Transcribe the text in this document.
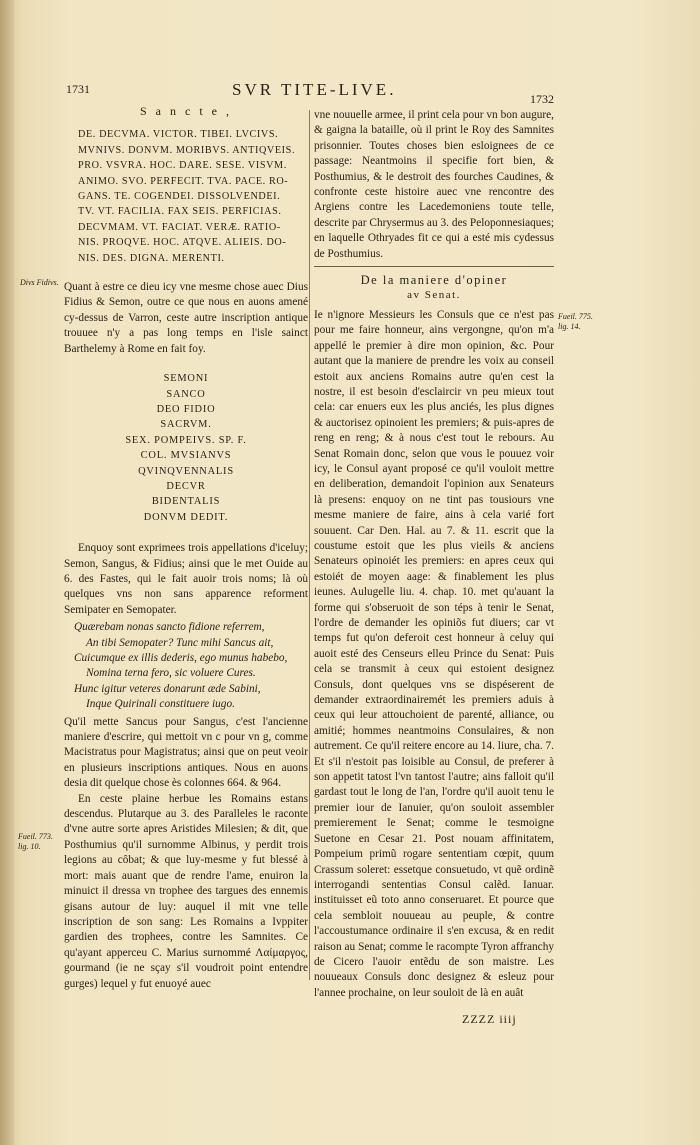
1731	SVR TITE-LIVE.	1732

S a n c t e ,

DE. DECVMA. VICTOR. TIBEI. LVCIVS.
MVNIVS. DONVM. MORIBVS. ANTIQVEIS.
PRO. VSVRA. HOC. DARE. SESE. VISVM.
ANIMO. SVO. PERFECIT. TVA. PACE. RO-
GANS. TE. COGENDEI. DISSOLVENDEI.
TV. VT. FACILIA. FAX SEIS. PERFICIAS.
DECVMAM. VT. FACIAT. VERÆ. RATIO-
NIS. PROQVE. HOC. ATQVE. ALIEIS. DO-
NIS. DES. DIGNA. MERENTI.

Quant à estre ce dieu icy vne mesme chose auec Dius Fidius & Semon, outre ce que nous en auons amené cy-dessus de Varron, ceste autre inscription antique trouuee n'y a pas long temps en l'isle sainct Barthelemy à Rome en fait foy.

SEMONI
SANCO
DEO FIDIO
SACRVM.
SEX. POMPEIVS. SP. F.
COL. MVSIANVS
QVINQVENNALIS
DECVR
BIDENTALIS
DONVM DEDIT.

Enquoy sont exprimees trois appellations d'iceluy; Semon, Sangus, & Fidius; ainsi que le met Ouide au 6. des Fastes, qui le fait auoir trois noms; là où quelques vns non sans apparence reforment Semipater en Semopater.

Quærebam nonas sancto fidione referrem,

An tibi Semopater? Tunc mihi Sancus ait,

Cuicumque ex illis dederis, ego munus habebo,

Nomina terna fero, sic voluere Cures.

Hunc igitur veteres donarunt æde Sabini,

Inque Quirinali constituere iugo.

Qu'il mette Sancus pour Sangus, c'est l'ancienne maniere d'escrire, qui mettoit vn c pour vn g, comme Macistratus pour Magistratus; ainsi que on peut veoir en plusieurs inscriptions antiques. Nous en auons desia dit quelque chose ès colonnes 664. & 964.

En ceste plaine herbue les Romains estans descendus. Plutarque au 3. des Paralleles le raconte d'vne autre sorte apres Aristides Milesien; & dit, que Posthumius qu'il surnomme Albinus, y perdit trois legions au côbat; & que luy-mesme y fut blessé à mort: mais auant que de rendre l'ame, enuiron la minuict il dressa vn trophee des targues des ennemis gisans autour de luy: auquel il mit vne telle inscription de son sang: Les Romains a Ivppiter gardien des trophees, contre les Samnites. Ce qu'ayant apperceu C. Marius surnommé Λαίμαργος, gourmand (ie ne sçay s'il voudroit point entendre gurges) lequel y fut enuoyé auec

Divs Fidivs.
Fueil. 773. lig. 10.
Fueil. 775. lig. 14.

vne nouuelle armee, il print cela pour vn bon augure, & gaigna la bataille, où il print le Roy des Samnites prisonnier. Toutes choses bien esloignees de ce passage: Neantmoins il specifie fort bien, & Posthumius, & le destroit des fourches Caudines, & confronte ceste histoire auec vne rencontre des Argiens contre les Lacedemoniens toute telle, descrite par Chrysermus au 3. des Peloponnesiaques; en laquelle Othryades fit ce qui a esté mis cydessus de Posthumius.

De la maniere d'opiner

av Senat.

Ie n'ignore Messieurs les Consuls que ce n'est pas pour me faire honneur, ains vergongne, qu'on m'a appellé le premier à dire mon opinion, &c. Pour autant que la maniere de prendre les voix au conseil estoit aux anciens Romains autre qu'en cest la nostre, il est besoin d'esclaircir vn peu mieux tout cela: car enuers eux les plus anciés, les plus dignes & auctorisez opinoient les premiers; & puis-apres de reng en reng; & à nous c'est tout le rebours. Au Senat Romain donc, selon que vous le pouuez voir icy, le Consul ayant proposé ce qu'il vouloit mettre en deliberation, demandoit l'opinion aux Senateurs là presens: enquoy on ne tint pas tousiours vne mesme maniere de faire, ains à cela varié fort souuent. Car Den. Hal. au 7. & 11. escrit que la coustume estoit que les plus vieils & anciens Senateurs opinoiét les premiers: en apres ceux qui estoiét de moyen aage: & finablement les plus ieunes. Aulugelle liu. 4. chap. 10. met qu'auant la forme qui s'obseruoit de son téps à tenir le Senat, l'ordre de demander les opiniõs fut diuers; car vt temps fut qu'on deferoit cest honneur à celuy qui auoit esté des Censeurs elleu Prince du Senat: Puis cela se transmit à ceux qui estoient designez Consuls, dont quelques vns se dispéserent de demander extraordinairemét les premiers aduis à ceux qui leur attouchoient de parenté, alliance, ou amitié; hommes neantmoins Consulaires, & non autrement. Ce qu'il reitere encore au 14. liure, cha. 7. Et s'il n'estoit pas loisible au Consul, de preferer à son appetit tatost l'vn tantost l'autre; ains falloit qu'il gardast tout le long de l'an, l'ordre qu'il auoit tenu le premier iour de Ianuier, qu'on souloit assembler premierement le Senat; comme le tesmoigne Suetone en Cesar 21. Post nouam affinitatem, Pompeium primũ rogare sententiam cœpit, quum Crassum soleret: essetque consuetudo, vt quẽ ordinẽ interrogandi sententias Consul calẽd. Ianuar. instituisset eũ toto anno conseruaret. Et pource que cela sembloit nouueau au peuple, & contre l'accoustumance ordinaire il s'en excusa, & en redit raison au Senat; comme le racompte Tyron affranchy de Cicero l'auoir entẽdu de son maistre. Les nouueaux Consuls donc designez & esleuz pour l'annee prochaine, on leur souloit de là en auât

ZZZZ iiij
